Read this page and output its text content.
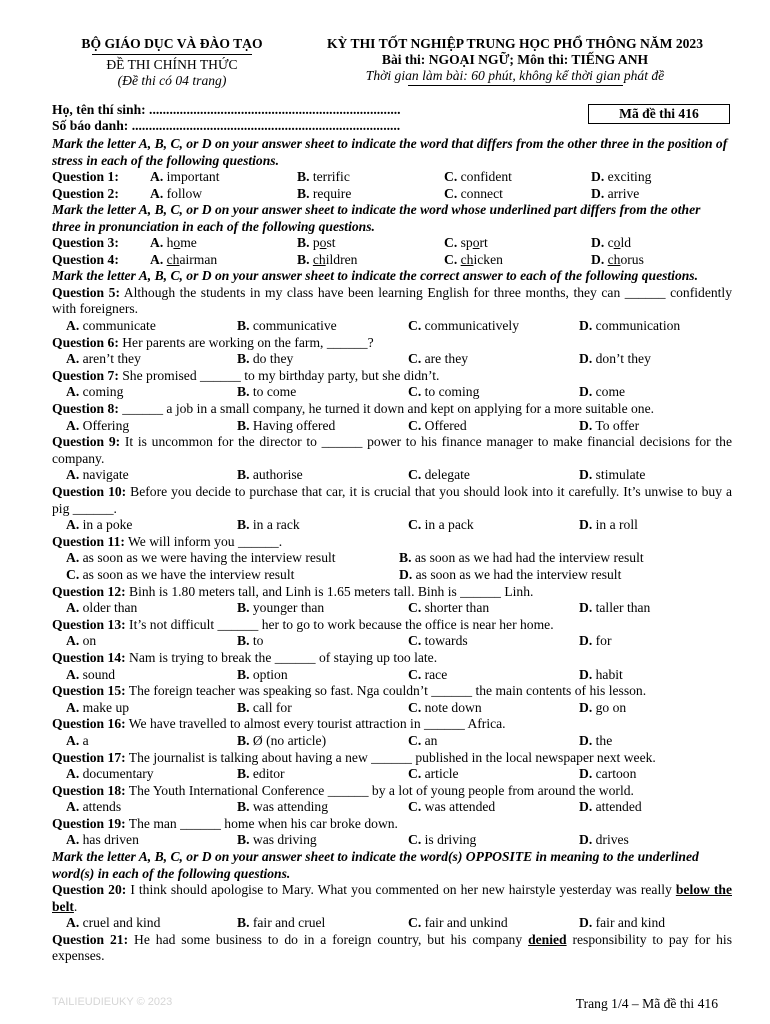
BỘ GIÁO DỤC VÀ ĐÀO TẠO
ĐỀ THI CHÍNH THỨC
(Đề thi có 04 trang)
KỲ THI TỐT NGHIỆP TRUNG HỌC PHỔ THÔNG NĂM 2023
Bài thi: NGOẠI NGỮ; Môn thi: TIẾNG ANH
Thời gian làm bài: 60 phút, không kể thời gian phát đề
Họ, tên thí sinh: ..........................................................................
Số báo danh: ...............................................................................
Mã đề thi 416
Mark the letter A, B, C, or D on your answer sheet to indicate the word that differs from the other three in the position of stress in each of the following questions.
Question 1:	A. important	B. terrific	C. confident	D. exciting
Question 2:	A. follow	B. require	C. connect	D. arrive
Mark the letter A, B, C, or D on your answer sheet to indicate the word whose underlined part differs from the other three in pronunciation in each of the following questions.
Question 3:	A. home	B. post	C. sport	D. cold
Question 4:	A. chairman	B. children	C. chicken	D. chorus
Mark the letter A, B, C, or D on your answer sheet to indicate the correct answer to each of the following questions.
Question 5: Although the students in my class have been learning English for three months, they can ______ confidently with foreigners.
A. communicate	B. communicative	C. communicatively	D. communication
Question 6: Her parents are working on the farm, ______?
A. aren’t they	B. do they	C. are they	D. don’t they
Question 7: She promised ______ to my birthday party, but she didn’t.
A. coming	B. to come	C. to coming	D. come
Question 8: ______ a job in a small company, he turned it down and kept on applying for a more suitable one.
A. Offering	B. Having offered	C. Offered	D. To offer
Question 9: It is uncommon for the director to ______ power to his finance manager to make financial decisions for the company.
A. navigate	B. authorise	C. delegate	D. stimulate
Question 10: Before you decide to purchase that car, it is crucial that you should look into it carefully. It’s unwise to buy a pig ______.
A. in a poke	B. in a rack	C. in a pack	D. in a roll
Question 11: We will inform you ______.
A. as soon as we were having the interview result	B. as soon as we had had the interview result
C. as soon as we have the interview result	D. as soon as we had the interview result
Question 12: Binh is 1.80 meters tall, and Linh is 1.65 meters tall. Binh is ______ Linh.
A. older than	B. younger than	C. shorter than	D. taller than
Question 13: It’s not difficult ______ her to go to work because the office is near her home.
A. on	B. to	C. towards	D. for
Question 14: Nam is trying to break the ______ of staying up too late.
A. sound	B. option	C. race	D. habit
Question 15: The foreign teacher was speaking so fast. Nga couldn’t ______ the main contents of his lesson.
A. make up	B. call for	C. note down	D. go on
Question 16: We have travelled to almost every tourist attraction in ______ Africa.
A. a	B. Ø (no article)	C. an	D. the
Question 17: The journalist is talking about having a new ______ published in the local newspaper next week.
A. documentary	B. editor	C. article	D. cartoon
Question 18: The Youth International Conference ______ by a lot of young people from around the world.
A. attends	B. was attending	C. was attended	D. attended
Question 19: The man ______ home when his car broke down.
A. has driven	B. was driving	C. is driving	D. drives
Mark the letter A, B, C, or D on your answer sheet to indicate the word(s) OPPOSITE in meaning to the underlined word(s) in each of the following questions.
Question 20: I think should apologise to Mary. What you commented on her new hairstyle yesterday was really below the belt.
A. cruel and kind	B. fair and cruel	C. fair and unkind	D. fair and kind
Question 21: He had some business to do in a foreign country, but his company denied responsibility to pay for his expenses.
TAILIEUDIEUKY © 2023	Trang 1/4 – Mã đề thi 416
